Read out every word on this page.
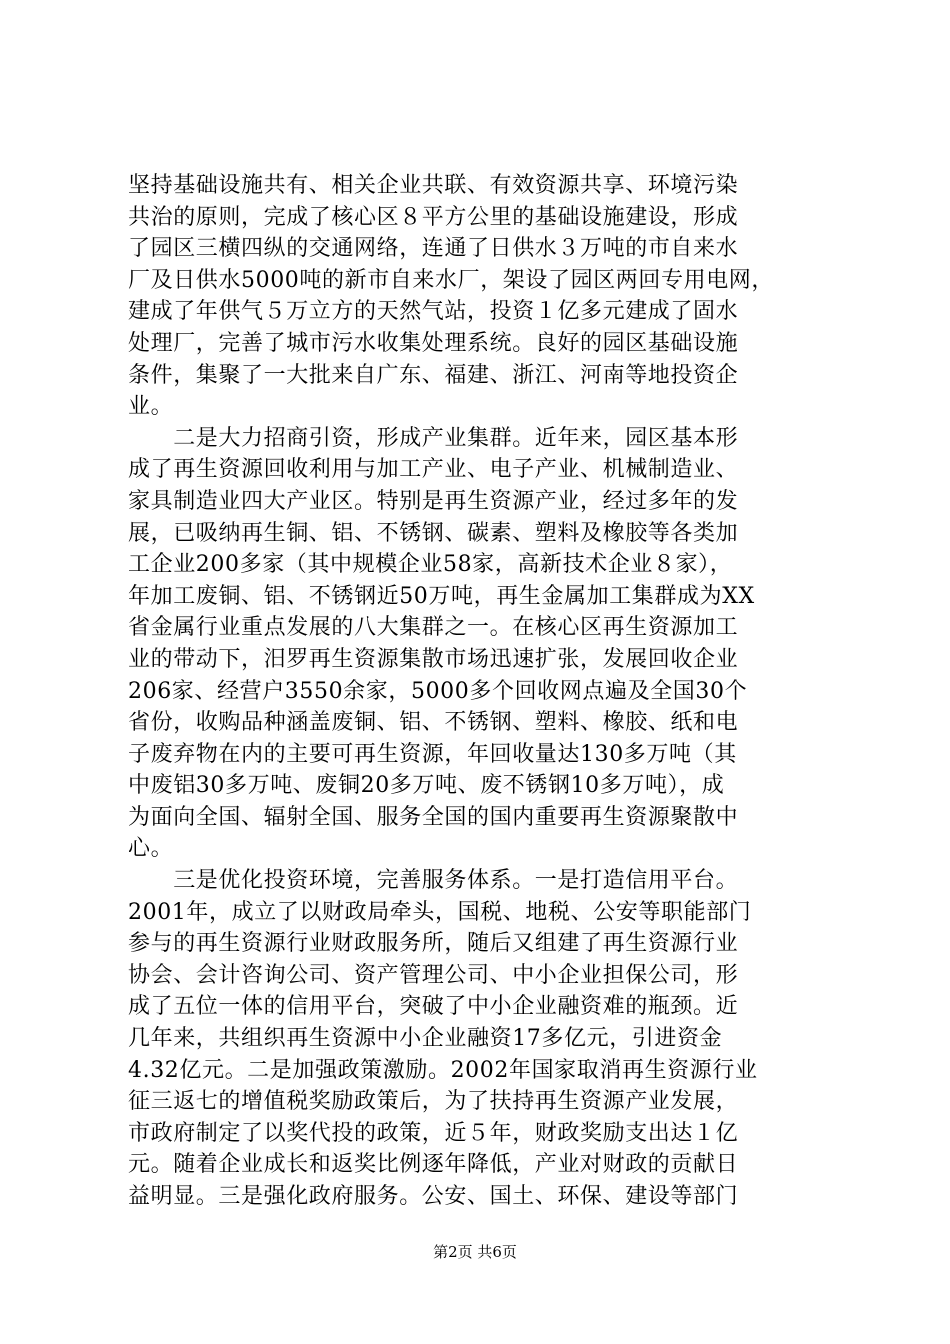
坚持基础设施共有、相关企业共联、有效资源共享、环境污染
共治的原则，完成了核心区８平方公里的基础设施建设，形成
了园区三横四纵的交通网络，连通了日供水３万吨的市自来水
厂及日供水5000吨的新市自来水厂，架设了园区两回专用电网，
建成了年供气５万立方的天然气站，投资１亿多元建成了固水
处理厂，完善了城市污水收集处理系统。良好的园区基础设施
条件，集聚了一大批来自广东、福建、浙江、河南等地投资企
业。
　　二是大力招商引资，形成产业集群。近年来，园区基本形
成了再生资源回收利用与加工产业、电子产业、机械制造业、
家具制造业四大产业区。特别是再生资源产业，经过多年的发
展，已吸纳再生铜、铝、不锈钢、碳素、塑料及橡胶等各类加
工企业200多家（其中规模企业58家，高新技术企业８家），
年加工废铜、铝、不锈钢近50万吨，再生金属加工集群成为XX
省金属行业重点发展的八大集群之一。在核心区再生资源加工
业的带动下，汨罗再生资源集散市场迅速扩张，发展回收企业
206家、经营户3550余家，5000多个回收网点遍及全国30个
省份，收购品种涵盖废铜、铝、不锈钢、塑料、橡胶、纸和电
子废弃物在内的主要可再生资源，年回收量达130多万吨（其
中废铝30多万吨、废铜20多万吨、废不锈钢10多万吨），成
为面向全国、辐射全国、服务全国的国内重要再生资源聚散中
心。
　　三是优化投资环境，完善服务体系。一是打造信用平台。
2001年，成立了以财政局牵头，国税、地税、公安等职能部门
参与的再生资源行业财政服务所，随后又组建了再生资源行业
协会、会计咨询公司、资产管理公司、中小企业担保公司，形
成了五位一体的信用平台，突破了中小企业融资难的瓶颈。近
几年来，共组织再生资源中小企业融资17多亿元，引进资金
4.32亿元。二是加强政策激励。2002年国家取消再生资源行业
征三返七的增值税奖励政策后，为了扶持再生资源产业发展，
市政府制定了以奖代投的政策，近５年，财政奖励支出达１亿
元。随着企业成长和返奖比例逐年降低，产业对财政的贡献日
益明显。三是强化政府服务。公安、国土、环保、建设等部门
第2页 共6页
